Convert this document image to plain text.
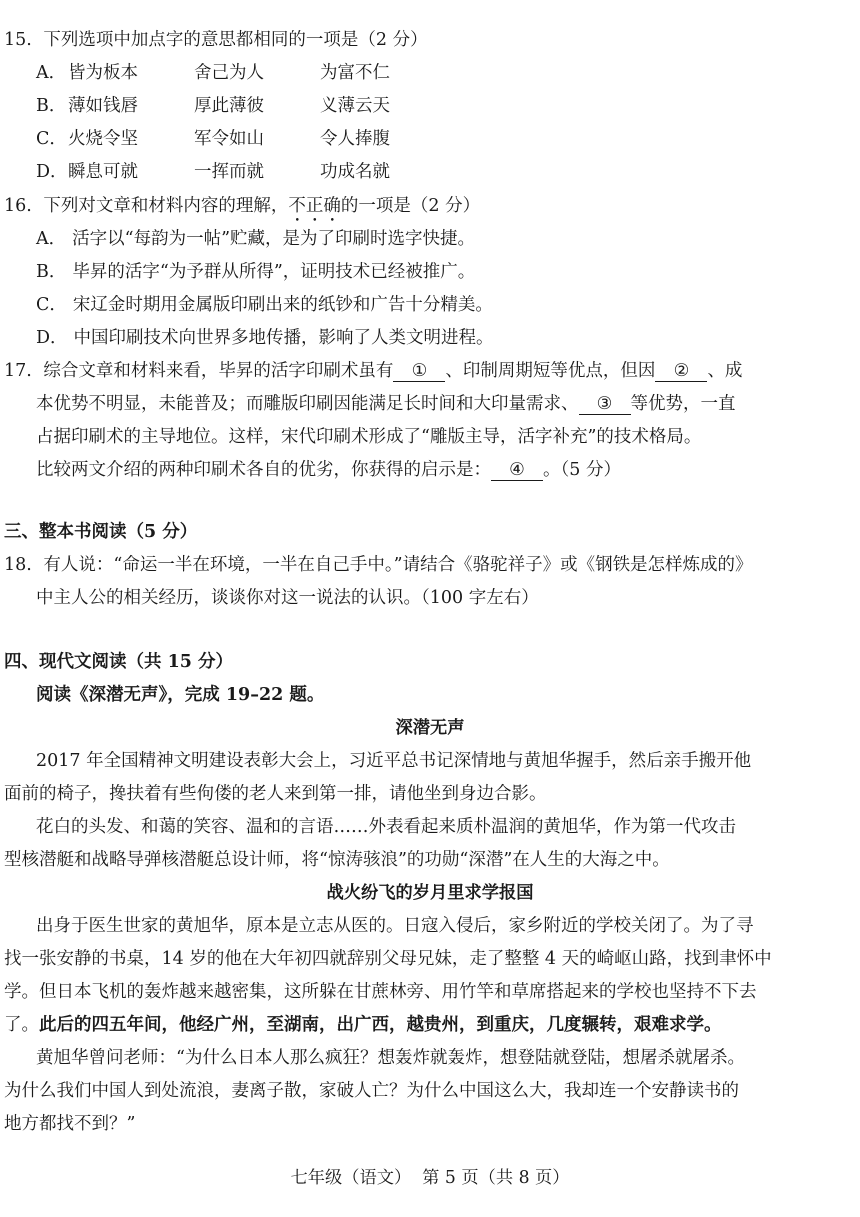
15. 下列选项中加点字的意思都相同的一项是（2 分）
A． 皆为板本	舍己为人	为富不仁
B． 薄如钱唇	厚此薄彼	义薄云天
C． 火烧令坚	军令如山	令人捧腹
D． 瞬息可就	一挥而就	功成名就
16. 下列对文章和材料内容的理解，不正确的一项是（2 分）
A． 活字以“每韵为一帖”贮藏，是为了印刷时选字快捷。
B． 毕昇的活字“为予群从所得”，证明技术已经被推广。
C． 宋辽金时期用金属版印刷出来的纸钞和广告十分精美。
D． 中国印刷技术向世界多地传播，影响了人类文明进程。
17. 综合文章和材料来看，毕昇的活字印刷术虽有 ① 、印制周期短等优点，但因 ② 、成
本优势不明显，未能普及；而雕版印刷因能满足长时间和大印量需求、 ③ 等优势，一直
占据印刷术的主导地位。这样，宋代印刷术形成了“雕版主导，活字补充”的技术格局。
比较两文介绍的两种印刷术各自的优劣，你获得的启示是： ④ 。（5 分）
三、整本书阅读（5 分）
18. 有人说：“命运一半在环境，一半在自己手中。”请结合《骆驼祥子》或《钢铁是怎样炼成的》
中主人公的相关经历，谈谈你对这一说法的认识。（100 字左右）
四、现代文阅读（共 15 分）
阅读《深潜无声》，完成 19–22 题。
深潜无声
2017 年全国精神文明建设表彰大会上，习近平总书记深情地与黄旭华握手，然后亲手搬开他
面前的椅子，搀扶着有些佝偻的老人来到第一排，请他坐到身边合影。
花白的头发、和蔼的笑容、温和的言语……外表看起来质朴温润的黄旭华，作为第一代攻击
型核潜艇和战略导弹核潜艇总设计师，将“惊涛骇浪”的功勋“深潜”在人生的大海之中。
战火纷飞的岁月里求学报国
出身于医生世家的黄旭华，原本是立志从医的。日寇入侵后，家乡附近的学校关闭了。为了寻
找一张安静的书桌，14 岁的他在大年初四就辞别父母兄妹，走了整整 4 天的崎岖山路，找到聿怀中
学。但日本飞机的轰炸越来越密集，这所躲在甘蔗林旁、用竹竿和草席搭起来的学校也坚持不下去
了。此后的四五年间，他经广州，至湖南，出广西，越贵州，到重庆，几度辗转，艰难求学。
黄旭华曾问老师：“为什么日本人那么疯狂？想轰炸就轰炸，想登陆就登陆，想屠杀就屠杀。
为什么我们中国人到处流浪，妻离子散，家破人亡？为什么中国这么大，我却连一个安静读书的
地方都找不到？”
七年级（语文）  第 5 页（共 8 页）
